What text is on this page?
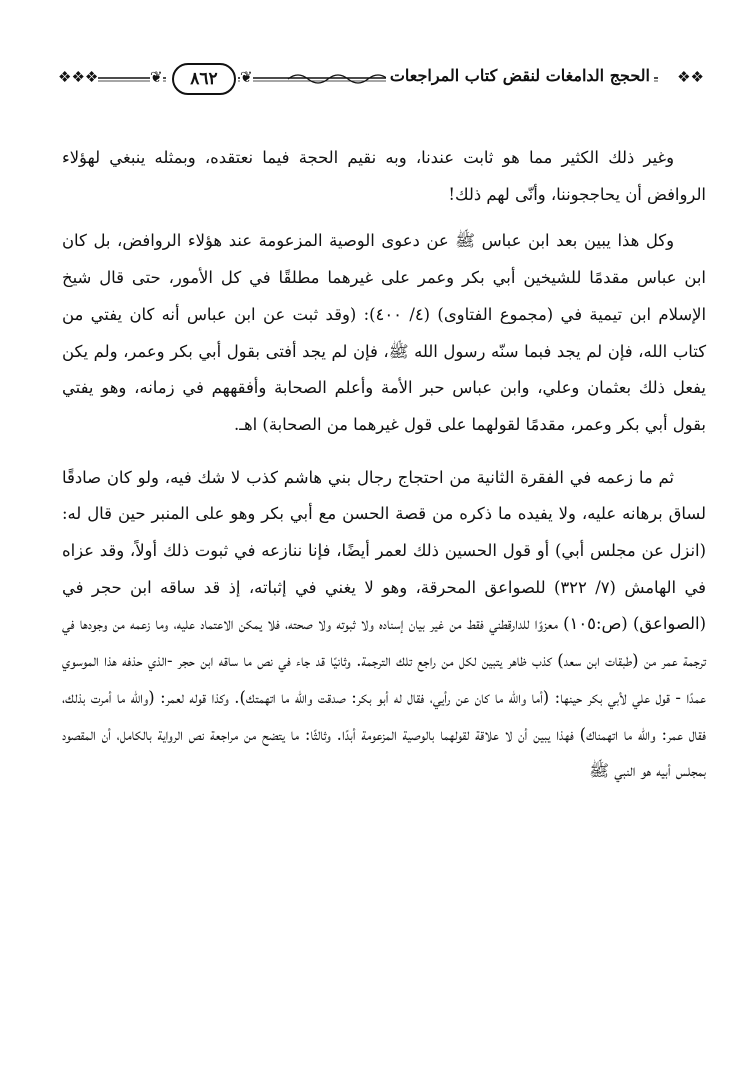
❖❖
الحجج الدامغات لنقض كتاب المراجعات
❦
٨٦٢
❦
❖❖❖

وغير ذلك الكثير مما هو ثابت عندنا، وبه نقيم الحجة فيما نعتقده، وبمثله ينبغي لهؤلاء الروافض أن يحاججوننا، وأنّى لهم ذلك!

وكل هذا يبين بعد ابن عباس ﷺ عن دعوى الوصية المزعومة عند هؤلاء الروافض، بل كان ابن عباس مقدمًا للشيخين أبي بكر وعمر على غيرهما مطلقًا في كل الأمور، حتى قال شيخ الإسلام ابن تيمية في (مجموع الفتاوى) (٤/ ٤٠٠): (وقد ثبت عن ابن عباس أنه كان يفتي من كتاب الله، فإن لم يجد فبما سنّه رسول الله ﷺ، فإن لم يجد أفتى بقول أبي بكر وعمر، ولم يكن يفعل ذلك بعثمان وعلي، وابن عباس حبر الأمة وأعلم الصحابة وأفقههم في زمانه، وهو يفتي بقول أبي بكر وعمر، مقدمًا لقولهما على قول غيرهما من الصحابة) اهـ.

ثم ما زعمه في الفقرة الثانية من احتجاج رجال بني هاشم كذب لا شك فيه، ولو كان صادقًا لساق برهانه عليه، ولا يفيده ما ذكره من قصة الحسن مع أبي بكر وهو على المنبر حين قال له: (انزل عن مجلس أبي) أو قول الحسين ذلك لعمر أيضًا، فإنا ننازعه في ثبوت ذلك أولاً، وقد عزاه في الهامش (٧/ ٣٢٢) للصواعق المحرقة، وهو لا يغني في إثباته، إذ قد ساقه ابن حجر في (الصواعق) (ص:١٠٥) معزوًا للدارقطني فقط من غير بيان إسناده ولا ثبوته ولا صحته، فلا يمكن الاعتماد عليه، وما زعمه من وجودها في ترجمة عمر من (طبقات ابن سعد) كذب ظاهر يتبين لكل من راجع تلك الترجمة. وثانيًا قد جاء في نص ما ساقه ابن حجر -الذي حذفه هذا الموسوي عمدًا - قول علي لأبي بكر حينها: (أما والله ما كان عن رأيي، فقال له أبو بكر: صدقت والله ما اتهمتك). وكذا قوله لعمر: (والله ما أمرت بذلك، فقال عمر: والله ما اتهمناك) فهذا يبين أن لا علاقة لقولهما بالوصية المزعومة أبدًا. وثالثًا: ما يتضح من مراجعة نص الرواية بالكامل، أن المقصود بمجلس أبيه هو النبي ﷺ
